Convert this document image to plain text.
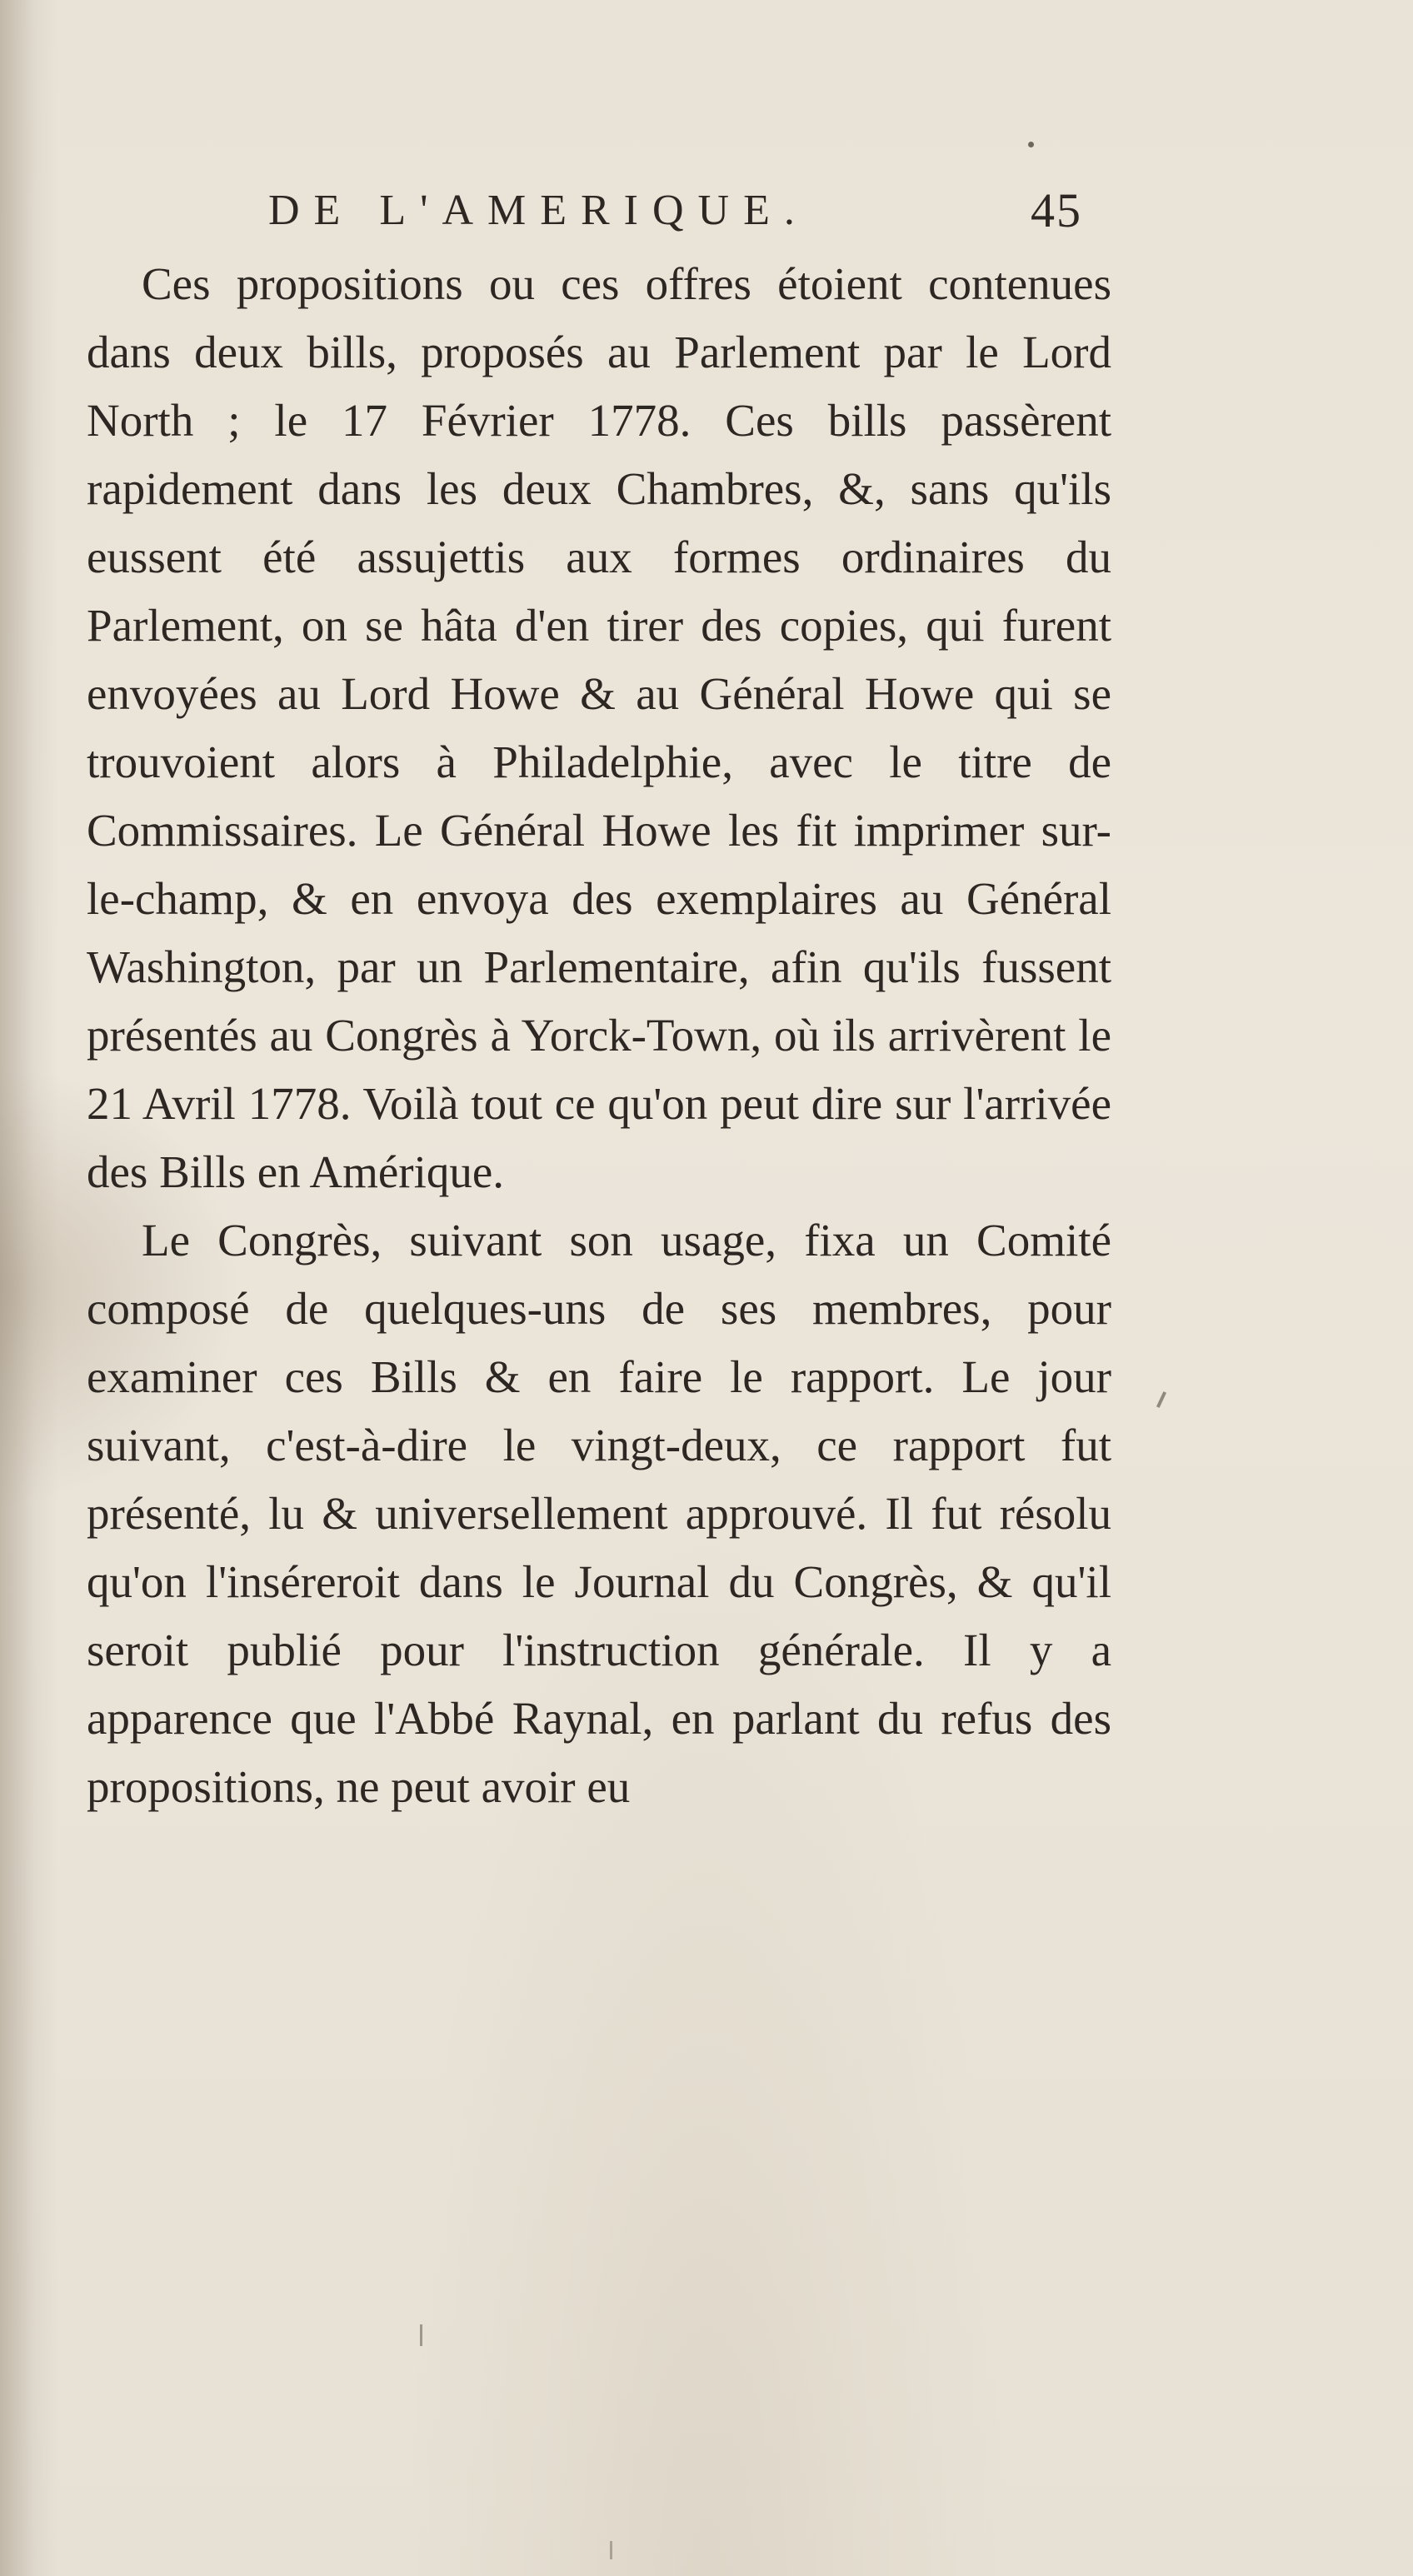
DE L'AMERIQUE.	45

Ces propositions ou ces offres étoient contenues dans deux bills, proposés au Parlement par le Lord North ; le 17 Février 1778. Ces bills passèrent rapidement dans les deux Chambres, &, sans qu'ils eussent été assujettis aux formes ordinaires du Parlement, on se hâta d'en tirer des copies, qui furent envoyées au Lord Howe & au Général Howe qui se trouvoient alors à Philadelphie, avec le titre de Commissaires. Le Général Howe les fit imprimer sur-le-champ, & en envoya des exemplaires au Général Washington, par un Parlementaire, afin qu'ils fussent présentés au Congrès à Yorck-Town, où ils arrivèrent le 21 Avril 1778. Voilà tout ce qu'on peut dire sur l'arrivée des Bills en Amérique.

Le Congrès, suivant son usage, fixa un Comité composé de quelques-uns de ses membres, pour examiner ces Bills & en faire le rapport. Le jour suivant, c'est-à-dire le vingt-deux, ce rapport fut présenté, lu & universellement approuvé. Il fut résolu qu'on l'inséreroit dans le Journal du Congrès, & qu'il seroit publié pour l'instruction générale. Il y a apparence que l'Abbé Raynal, en parlant du refus des propositions, ne peut avoir eu
